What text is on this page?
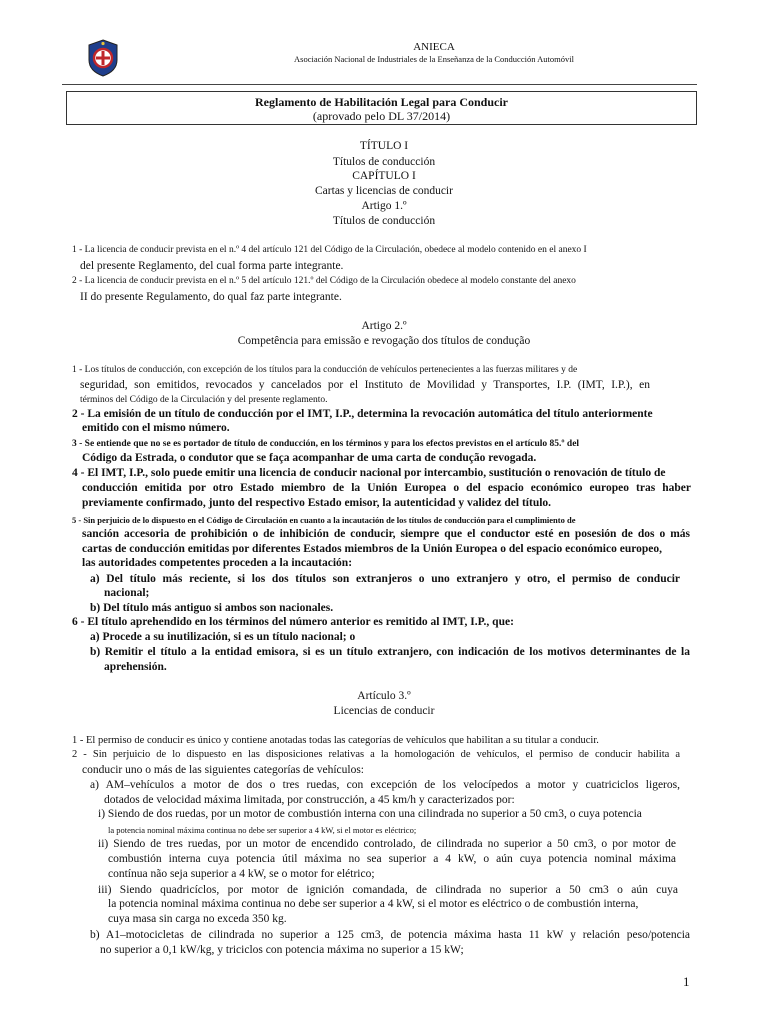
ANIECA
Asociación Nacional de Industriales de la Enseñanza de la Conducción Automóvil
Reglamento de Habilitación Legal para Conducir
(aprovado pelo DL 37/2014)
TÍTULO I
Títulos de conducción
CAPÍTULO I
Cartas y licencias de conducir
Artigo 1.º
Títulos de conducción
1 - La licencia de conducir prevista en el n.º 4 del artículo 121 del Código de la Circulación, obedece al modelo contenido en el anexo I
del presente Reglamento, del cual forma parte integrante.
2 - La licencia de conducir prevista en el n.º 5 del artículo 121.º del Código de la Circulación obedece al modelo constante del anexo
II do presente Regulamento, do qual faz parte integrante.
Artigo 2.º
Competência para emissão e revogação dos títulos de condução
1 - Los títulos de conducción, con excepción de los títulos para la conducción de vehículos pertenecientes a las fuerzas militares y de
seguridad, son emitidos, revocados y cancelados por el Instituto de Movilidad y Transportes, I.P. (IMT, I.P.), en
términos del Código de la Circulación y del presente reglamento.
2 - La emisión de un título de conducción por el IMT, I.P., determina la revocación automática del título anteriormente
emitido con el mismo número.
3 - Se entiende que no se es portador de título de conducción, en los términos y para los efectos previstos en el artículo 85.º del
Código da Estrada, o condutor que se faça acompanhar de uma carta de condução revogada.
4 - El IMT, I.P., solo puede emitir una licencia de conducir nacional por intercambio, sustitución o renovación de título de
conducción emitida por otro Estado miembro de la Unión Europea o del espacio económico europeo tras haber
previamente confirmado, junto del respectivo Estado emisor, la autenticidad y validez del título.
5 - Sin perjuicio de lo dispuesto en el Código de Circulación en cuanto a la incautación de los títulos de conducción para el cumplimiento de
sanción accesoria de prohibición o de inhibición de conducir, siempre que el conductor esté en posesión de dos o más
cartas de conducción emitidas por diferentes Estados miembros de la Unión Europea o del espacio económico europeo,
las autoridades competentes proceden a la incautación:
a) Del título más reciente, si los dos títulos son extranjeros o uno extranjero y otro, el permiso de conducir
nacional;
b) Del título más antiguo si ambos son nacionales.
6 - El título aprehendido en los términos del número anterior es remitido al IMT, I.P., que:
a) Procede a su inutilización, si es un título nacional; o
b) Remitir el título a la entidad emisora, si es un título extranjero, con indicación de los motivos determinantes de la
aprehensión.
Artículo 3.º
Licencias de conducir
1 - El permiso de conducir es único y contiene anotadas todas las categorías de vehículos que habilitan a su titular a conducir.
2 - Sin perjuicio de lo dispuesto en las disposiciones relativas a la homologación de vehículos, el permiso de conducir habilita a
conducir uno o más de las siguientes categorías de vehículos:
a) AM–vehículos a motor de dos o tres ruedas, con excepción de los velocípedos a motor y cuatriciclos ligeros,
dotados de velocidad máxima limitada, por construcción, a 45 km/h y caracterizados por:
i) Siendo de dos ruedas, por un motor de combustión interna con una cilindrada no superior a 50 cm3, o cuya potencia
la potencia nominal máxima continua no debe ser superior a 4 kW, si el motor es eléctrico;
ii) Siendo de tres ruedas, por un motor de encendido controlado, de cilindrada no superior a 50 cm3, o por motor de
combustión interna cuya potencia útil máxima no sea superior a 4 kW, o aún cuya potencia nominal máxima
contínua não seja superior a 4 kW, se o motor for elétrico;
iii) Siendo quadricíclos, por motor de ignición comandada, de cilindrada no superior a 50 cm3 o aún cuya
la potencia nominal máxima continua no debe ser superior a 4 kW, si el motor es eléctrico o de combustión interna,
cuya masa sin carga no exceda 350 kg.
b) A1–motocicletas de cilindrada no superior a 125 cm3, de potencia máxima hasta 11 kW y relación peso/potencia
no superior a 0,1 kW/kg, y triciclos con potencia máxima no superior a 15 kW;
1
